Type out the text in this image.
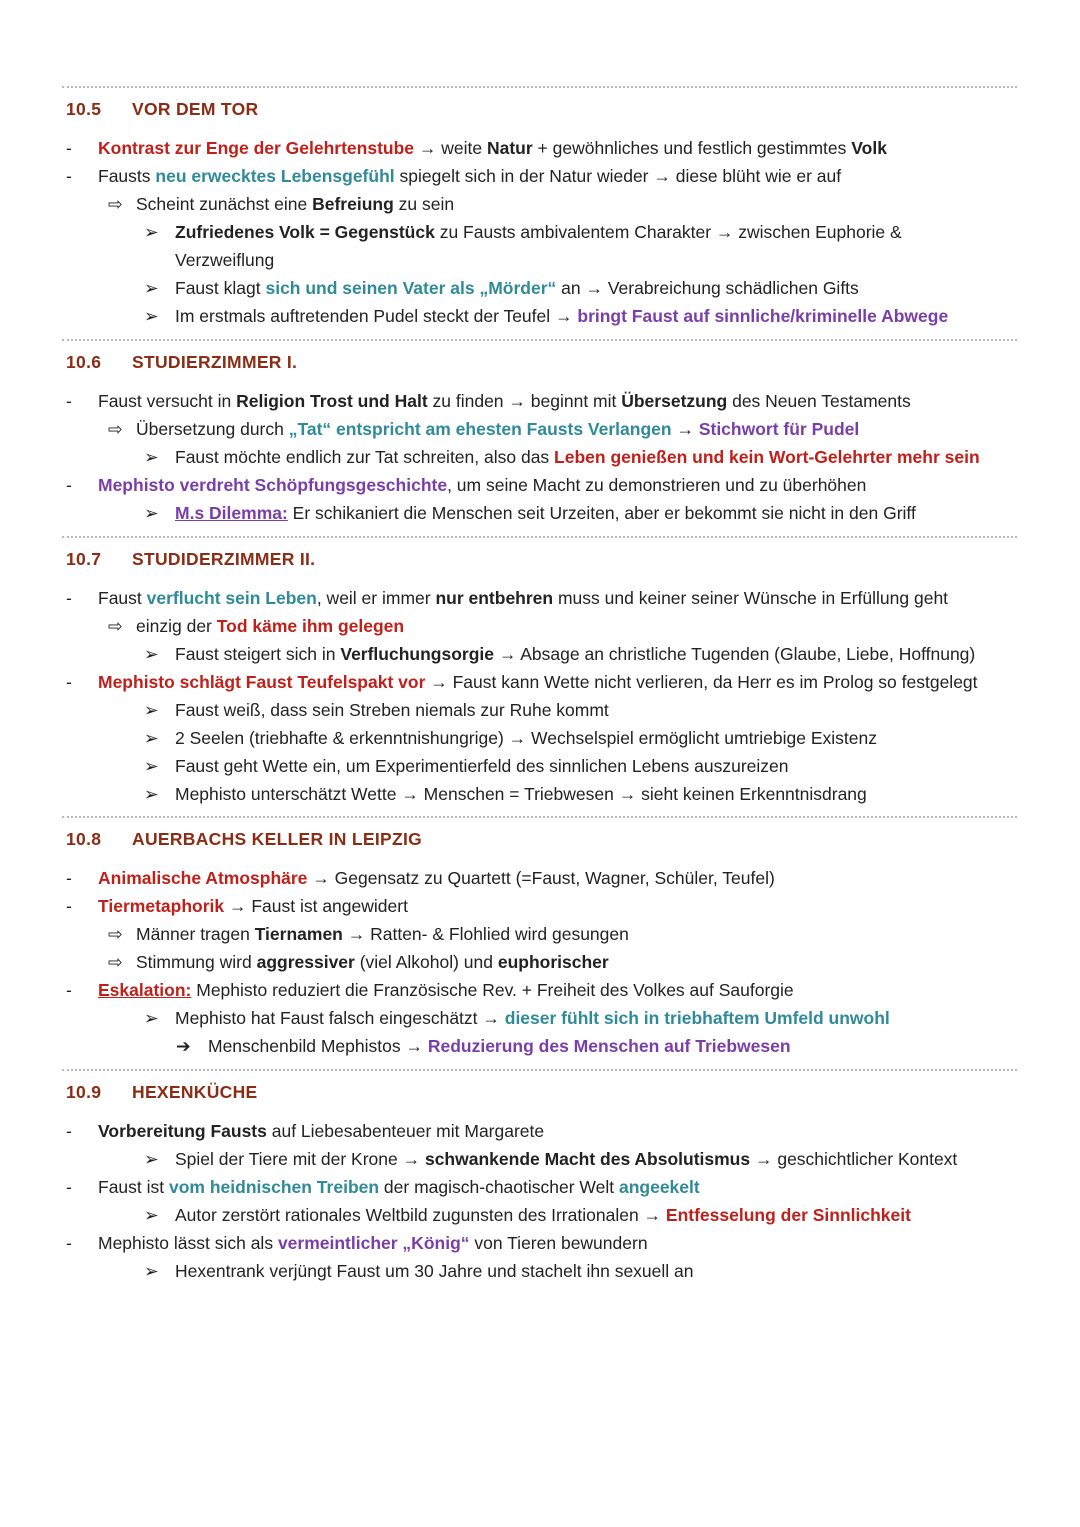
10.5	VOR DEM TOR
- Kontrast zur Enge der Gelehrtenstube → weite Natur + gewöhnliches und festlich gestimmtes Volk
- Fausts neu erwecktes Lebensgefühl spiegelt sich in der Natur wieder → diese blüht wie er auf
⇨ Scheint zunächst eine Befreiung zu sein
➢ Zufriedenes Volk = Gegenstück zu Fausts ambivalentem Charakter → zwischen Euphorie &
Verzweiflung
➢ Faust klagt sich und seinen Vater als „Mörder“ an → Verabreichung schädlichen Gifts
➢ Im erstmals auftretenden Pudel steckt der Teufel → bringt Faust auf sinnliche/kriminelle Abwege
10.6	STUDIERZIMMER I.
- Faust versucht in Religion Trost und Halt zu finden → beginnt mit Übersetzung des Neuen Testaments
⇨ Übersetzung durch „Tat“ entspricht am ehesten Fausts Verlangen → Stichwort für Pudel
➢ Faust möchte endlich zur Tat schreiten, also das Leben genießen und kein Wort-Gelehrter mehr sein
- Mephisto verdreht Schöpfungsgeschichte, um seine Macht zu demonstrieren und zu überhöhen
➢ M.s Dilemma: Er schikaniert die Menschen seit Urzeiten, aber er bekommt sie nicht in den Griff
10.7	STUDIDERZIMMER II.
- Faust verflucht sein Leben, weil er immer nur entbehren muss und keiner seiner Wünsche in Erfüllung geht
⇨ einzig der Tod käme ihm gelegen
➢ Faust steigert sich in Verfluchungsorgie → Absage an christliche Tugenden (Glaube, Liebe, Hoffnung)
- Mephisto schlägt Faust Teufelspakt vor → Faust kann Wette nicht verlieren, da Herr es im Prolog so festgelegt
➢ Faust weiß, dass sein Streben niemals zur Ruhe kommt
➢ 2 Seelen (triebhafte & erkenntnishungrige) → Wechselspiel ermöglicht umtriebige Existenz
➢ Faust geht Wette ein, um Experimentierfeld des sinnlichen Lebens auszureizen
➢ Mephisto unterschätzt Wette → Menschen = Triebwesen → sieht keinen Erkenntnisdrang
10.8	AUERBACHS KELLER IN LEIPZIG
- Animalische Atmosphäre → Gegensatz zu Quartett (=Faust, Wagner, Schüler, Teufel)
- Tiermetaphorik → Faust ist angewidert
⇨ Männer tragen Tiernamen → Ratten- & Flohlied wird gesungen
⇨ Stimmung wird aggressiver (viel Alkohol) und euphorischer
- Eskalation: Mephisto reduziert die Französische Rev. + Freiheit des Volkes auf Sauforgie
➢ Mephisto hat Faust falsch eingeschätzt → dieser fühlt sich in triebhaftem Umfeld unwohl
➔ Menschenbild Mephistos → Reduzierung des Menschen auf Triebwesen
10.9	HEXENKÜCHE
- Vorbereitung Fausts auf Liebesabenteuer mit Margarete
➢ Spiel der Tiere mit der Krone → schwankende Macht des Absolutismus → geschichtlicher Kontext
- Faust ist vom heidnischen Treiben der magisch-chaotischer Welt angeekelt
➢ Autor zerstört rationales Weltbild zugunsten des Irrationalen → Entfesselung der Sinnlichkeit
- Mephisto lässt sich als vermeintlicher „König“ von Tieren bewundern
➢ Hexentrank verjüngt Faust um 30 Jahre und stachelt ihn sexuell an
